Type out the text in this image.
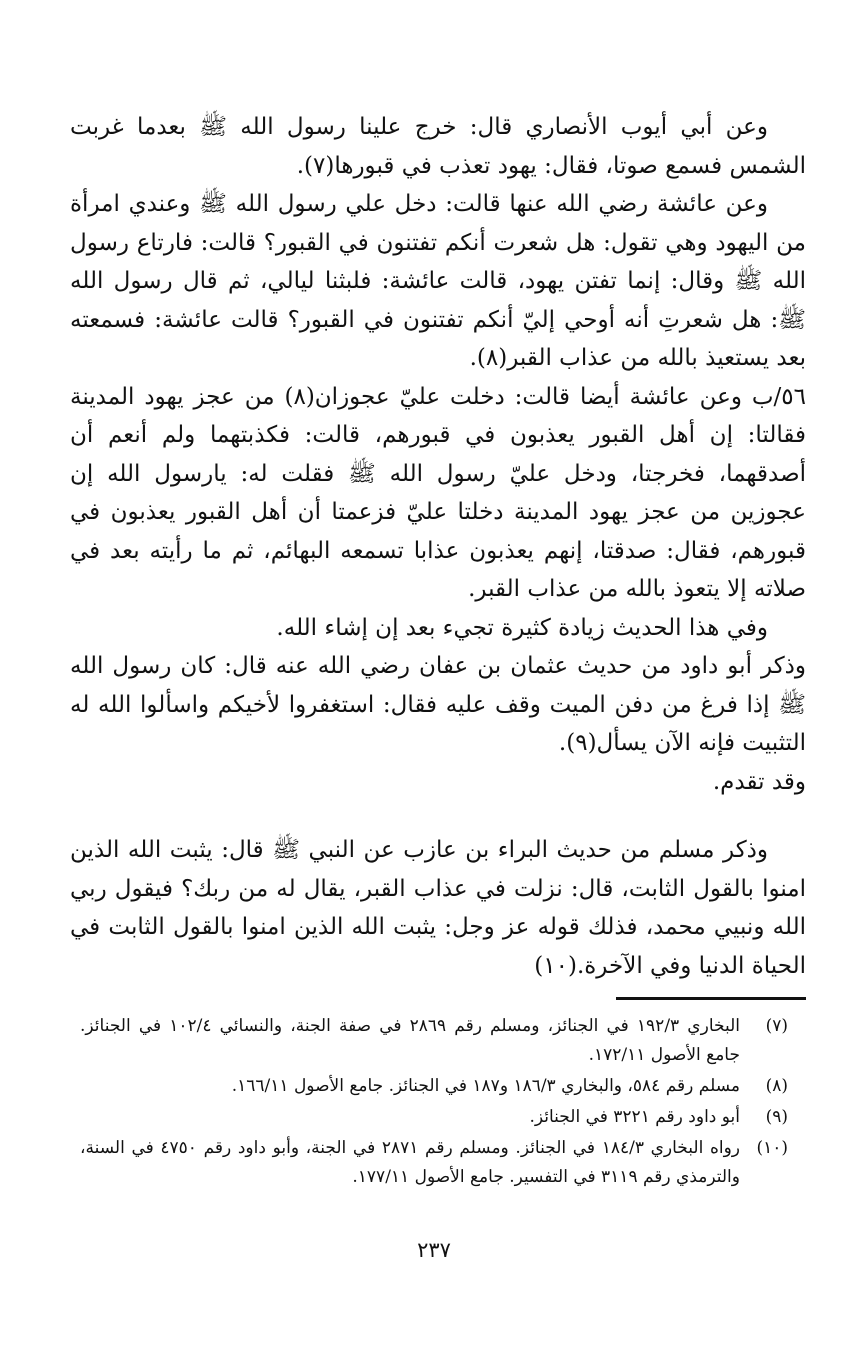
وعن أبي أيوب الأنصاري قال: خرج علينا رسول الله ﷺ بعدما غربت الشمس فسمع صوتا، فقال: يهود تعذب في قبورها(٧).

وعن عائشة رضي الله عنها قالت: دخل علي رسول الله ﷺ وعندي امرأة من اليهود وهي تقول: هل شعرت أنكم تفتنون في القبور؟ قالت: فارتاع رسول الله ﷺ وقال: إنما تفتن يهود، قالت عائشة: فلبثنا ليالي، ثم قال رسول الله ﷺ: هل شعرتِ أنه أوحي إليّ أنكم تفتنون في القبور؟ قالت عائشة: فسمعته بعد يستعيذ بالله من عذاب القبر(٨).

٥٦/ب وعن عائشة أيضا قالت: دخلت عليّ عجوزان(٨) من عجز يهود المدينة فقالتا: إن أهل القبور يعذبون في قبورهم، قالت: فكذبتهما ولم أنعم أن أصدقهما، فخرجتا، ودخل عليّ رسول الله ﷺ فقلت له: يارسول الله إن عجوزين من عجز يهود المدينة دخلتا عليّ فزعمتا أن أهل القبور يعذبون في قبورهم، فقال: صدقتا، إنهم يعذبون عذابا تسمعه البهائم، ثم ما رأيته بعد في صلاته إلا يتعوذ بالله من عذاب القبر.

وفي هذا الحديث زيادة كثيرة تجيء بعد إن إشاء الله.

وذكر أبو داود من حديث عثمان بن عفان رضي الله عنه قال: كان رسول الله ﷺ إذا فرغ من دفن الميت وقف عليه فقال: استغفروا لأخيكم واسألوا الله له التثبيت فإنه الآن يسأل(٩).

وقد تقدم.

وذكر مسلم من حديث البراء بن عازب عن النبي ﷺ قال: يثبت الله الذين امنوا بالقول الثابت، قال: نزلت في عذاب القبر، يقال له من ربك؟ فيقول ربي الله ونبيي محمد، فذلك قوله عز وجل: يثبت الله الذين امنوا بالقول الثابت في الحياة الدنيا وفي الآخرة.(١٠)

(٧)
البخاري ١٩٢/٣ في الجنائز، ومسلم رقم ٢٨٦٩ في صفة الجنة، والنسائي ١٠٢/٤ في الجنائز. جامع الأصول ١٧٢/١١.
(٨)
مسلم رقم ٥٨٤، والبخاري ١٨٦/٣ و١٨٧ في الجنائز. جامع الأصول ١٦٦/١١.
(٩)
أبو داود رقم ٣٢٢١ في الجنائز.
(١٠)
رواه البخاري ١٨٤/٣ في الجنائز. ومسلم رقم ٢٨٧١ في الجنة، وأبو داود رقم ٤٧٥٠ في السنة، والترمذي رقم ٣١١٩ في التفسير. جامع الأصول ١٧٧/١١.
٢٣٧
